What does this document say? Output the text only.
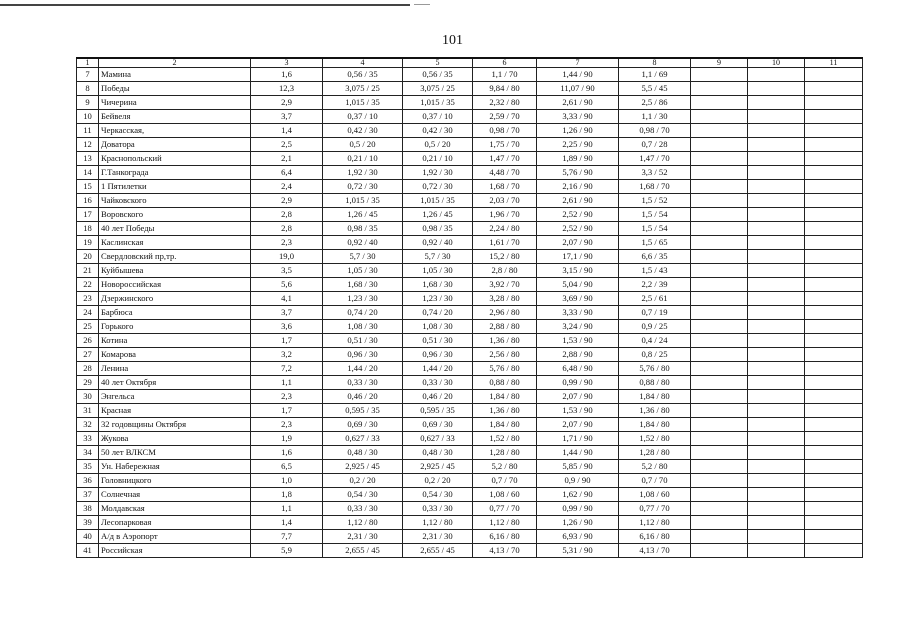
101
1	2	3	4	5	6	7	8	9	10	11
7	Мамина	1,6	0,56 / 35	0,56 / 35	1,1 / 70	1,44 / 90	1,1 / 69			
8	Победы	12,3	3,075 / 25	3,075 / 25	9,84 / 80	11,07 / 90	5,5 / 45			
9	Чичерина	2,9	1,015 / 35	1,015 / 35	2,32 / 80	2,61 / 90	2,5 / 86			
10	Бейвеля	3,7	0,37 / 10	0,37 / 10	2,59 / 70	3,33 / 90	1,1 / 30			
11	Черкасская,	1,4	0,42 / 30	0,42 / 30	0,98 / 70	1,26 / 90	0,98 / 70			
12	Доватора	2,5	0,5 / 20	0,5 / 20	1,75 / 70	2,25 / 90	0,7 / 28			
13	Краснопольский	2,1	0,21 / 10	0,21 / 10	1,47 / 70	1,89 / 90	1,47 / 70			
14	Г.Танкограда	6,4	1,92 / 30	1,92 / 30	4,48 / 70	5,76 / 90	3,3 / 52			
15	1 Пятилетки	2,4	0,72 / 30	0,72 / 30	1,68 / 70	2,16 / 90	1,68 / 70			
16	Чайковского	2,9	1,015 / 35	1,015 / 35	2,03 / 70	2,61 / 90	1,5 / 52			
17	Воровского	2,8	1,26 / 45	1,26 / 45	1,96 / 70	2,52 / 90	1,5 / 54			
18	40 лет Победы	2,8	0,98 / 35	0,98 / 35	2,24 / 80	2,52 / 90	1,5 / 54			
19	Каслинская	2,3	0,92 / 40	0,92 / 40	1,61 / 70	2,07 / 90	1,5 / 65			
20	Свердловский пр,тр.	19,0	5,7 / 30	5,7 / 30	15,2 / 80	17,1 / 90	6,6 / 35			
21	Куйбышева	3,5	1,05 / 30	1,05 / 30	2,8 / 80	3,15 / 90	1,5 / 43			
22	Новороссийская	5,6	1,68 / 30	1,68 / 30	3,92 / 70	5,04 / 90	2,2 / 39			
23	Дзержинского	4,1	1,23 / 30	1,23 / 30	3,28 / 80	3,69 / 90	2,5 / 61			
24	Барбюса	3,7	0,74 / 20	0,74 / 20	2,96 / 80	3,33 / 90	0,7 / 19			
25	Горького	3,6	1,08 / 30	1,08 / 30	2,88 / 80	3,24 / 90	0,9 / 25			
26	Котина	1,7	0,51 / 30	0,51 / 30	1,36 / 80	1,53 / 90	0,4 / 24			
27	Комарова	3,2	0,96 / 30	0,96 / 30	2,56 / 80	2,88 / 90	0,8 / 25			
28	Ленина	7,2	1,44 / 20	1,44 / 20	5,76 / 80	6,48 / 90	5,76 / 80			
29	40 лет Октября	1,1	0,33 / 30	0,33 / 30	0,88 / 80	0,99 / 90	0,88 / 80			
30	Энгельса	2,3	0,46 / 20	0,46 / 20	1,84 / 80	2,07 / 90	1,84 / 80			
31	Красная	1,7	0,595 / 35	0,595 / 35	1,36 / 80	1,53 / 90	1,36 / 80			
32	32 годовщины Октября	2,3	0,69 / 30	0,69 / 30	1,84 / 80	2,07 / 90	1,84 / 80			
33	Жукова	1,9	0,627 / 33	0,627 / 33	1,52 / 80	1,71 / 90	1,52 / 80			
34	50 лет ВЛКСМ	1,6	0,48 / 30	0,48 / 30	1,28 / 80	1,44 / 90	1,28 / 80			
35	Ун. Набережная	6,5	2,925 / 45	2,925 / 45	5,2 / 80	5,85 / 90	5,2 / 80			
36	Головницкого	1,0	0,2 / 20	0,2 / 20	0,7 / 70	0,9 / 90	0,7 / 70			
37	Солнечная	1,8	0,54 / 30	0,54 / 30	1,08 / 60	1,62 / 90	1,08 / 60			
38	Молдавская	1,1	0,33 / 30	0,33 / 30	0,77 / 70	0,99 / 90	0,77 / 70			
39	Лесопарковая	1,4	1,12 / 80	1,12 / 80	1,12 / 80	1,26 / 90	1,12 / 80			
40	А/д в Аэропорт	7,7	2,31 / 30	2,31 / 30	6,16 / 80	6,93 / 90	6,16 / 80			
41	Российская	5,9	2,655 / 45	2,655 / 45	4,13 / 70	5,31 / 90	4,13 / 70			
